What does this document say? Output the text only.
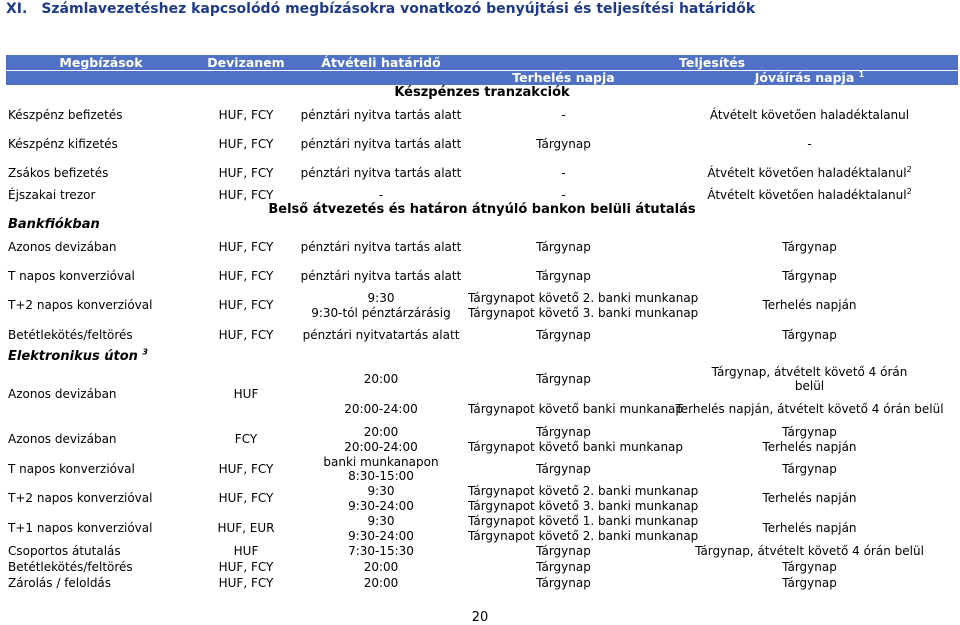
XI. Számlavezetéshez kapcsolódó megbízásokra vonatkozó benyújtási és teljesítési határidők
Megbízások	Devizanem	Átvételi határidő	Teljesítés	
			Terhelés napja	Jóváírás napja $^1$
Készpénzes tranzakciók				
Készpénz befizetés	HUF, FCY	pénztári nyitva tartás alatt	-	Átvételt követően haladéktalanul
Készpénz kifizetés	HUF, FCY	pénztári nyitva tartás alatt	Tárgynap	-
Zsákos befizetés	HUF, FCY	pénztári nyitva tartás alatt	-	Átvételt követően haladéktalanul$^2$
Éjszakai trezor	HUF, FCY	-	-	Átvételt követően haladéktalanul$^2$
Belső átvezetés és határon átnyúló bankon belüli átutalás				
Bankfiókban				
Azonos devizában	HUF, FCY	pénztári nyitva tartás alatt	Tárgynap	Tárgynap
T napos konverzióval	HUF, FCY	pénztári nyitva tartás alatt	Tárgynap	Tárgynap
T+2 napos konverzióval	HUF, FCY	9:30	Tárgynapot követő 2. banki munkanap	Terhelés napján
		9:30-tól pénztárzárásig	Tárgynapot követő 3. banki munkanap	
Betétlekötés/feltörés	HUF, FCY	pénztári nyitvatartás alatt	Tárgynap	Tárgynap
Elektronikus úton $^3$
Azonos devizában	HUF	20:00	Tárgynap	Tárgynap, átvételt követő 4 órán belül
		20:00-24:00	Tárgynapot követő banki munkanap	Terhelés napján, átvételt követő 4 órán belül
Azonos devizában	FCY	20:00	Tárgynap	Tárgynap
		20:00-24:00	Tárgynapot követő banki munkanap	Terhelés napján
T napos konverzióval	HUF, FCY	banki munkanapon 8:30-15:00	Tárgynap	Tárgynap
T+2 napos konverzióval	HUF, FCY	9:30	Tárgynapot követő 2. banki munkanap	Terhelés napján
		9:30-24:00	Tárgynapot követő 3. banki munkanap	
T+1 napos konverzióval	HUF, EUR	9:30	Tárgynapot követő 1. banki munkanap	Terhelés napján
		9:30-24:00	Tárgynapot követő 2. banki munkanap	
Csoportos átutalás	HUF	7:30-15:30	Tárgynap	Tárgynap, átvételt követő 4 órán belül
Betétlekötés/feltörés	HUF, FCY	20:00	Tárgynap	Tárgynap
Zárolás / feloldás	HUF, FCY	20:00	Tárgynap	Tárgynap
20
